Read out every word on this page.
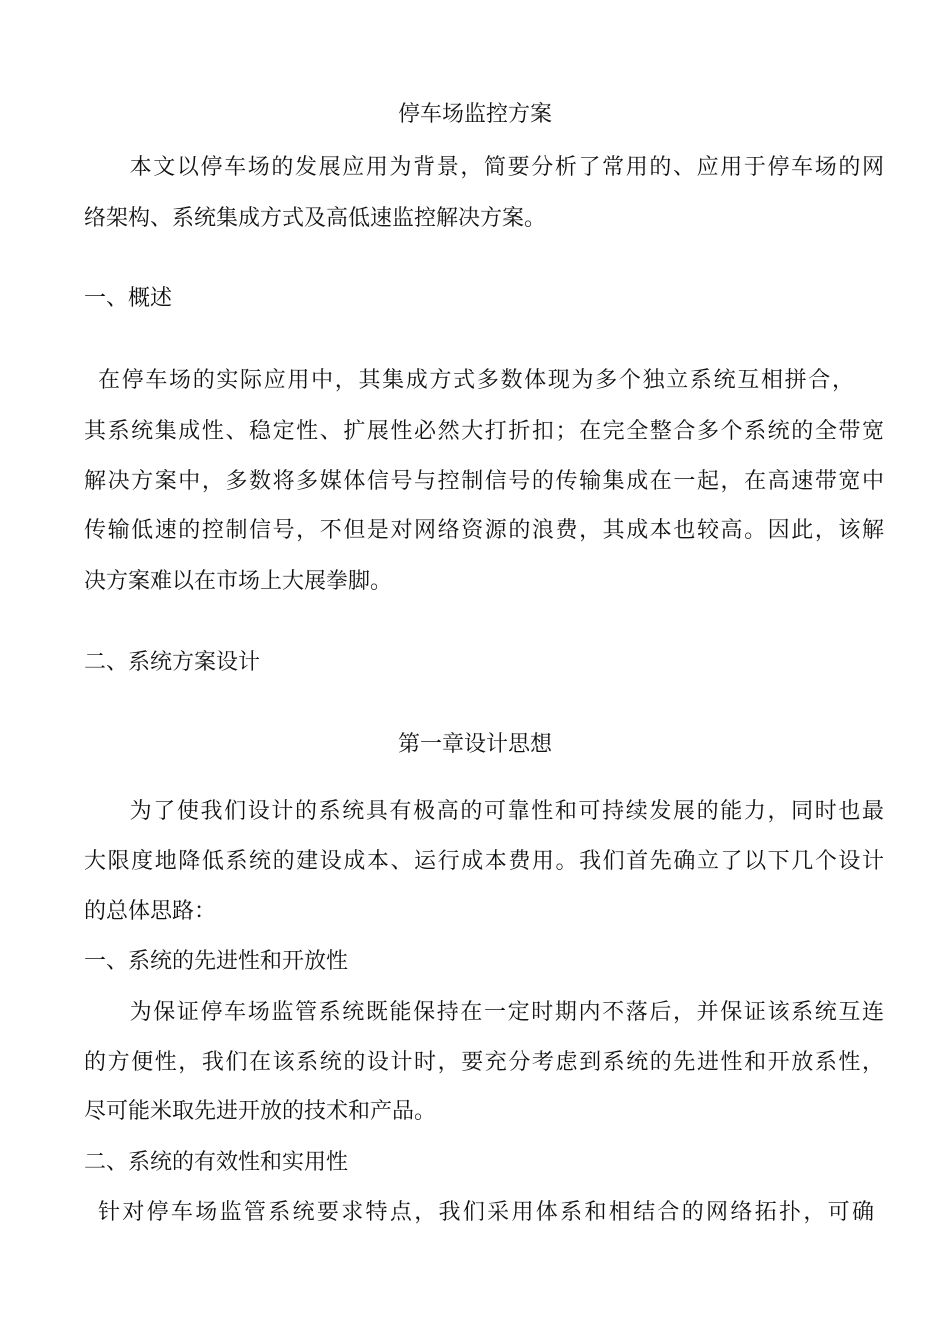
停车场监控方案
　本文以停车场的发展应用为背景，简要分析了常用的、应用于停车场的网
络架构、系统集成方式及高低速监控解决方案。
一、概述
在停车场的实际应用中，其集成方式多数体现为多个独立系统互相拼合，
其系统集成性、稳定性、扩展性必然大打折扣；在完全整合多个系统的全带宽
解决方案中，多数将多媒体信号与控制信号的传输集成在一起，在高速带宽中
传输低速的控制信号，不但是对网络资源的浪费，其成本也较高。因此，该解
决方案难以在市场上大展拳脚。
二、系统方案设计
第一章设计思想
　为了使我们设计的系统具有极高的可靠性和可持续发展的能力，同时也最
大限度地降低系统的建设成本、运行成本费用。我们首先确立了以下几个设计
的总体思路：
一、系统的先进性和开放性
　为保证停车场监管系统既能保持在一定时期内不落后，并保证该系统互连
的方便性，我们在该系统的设计时，要充分考虑到系统的先进性和开放系性，
尽可能米取先进开放的技术和产品。
二、系统的有效性和实用性
针对停车场监管系统要求特点，我们采用体系和相结合的网络拓扑，可确
